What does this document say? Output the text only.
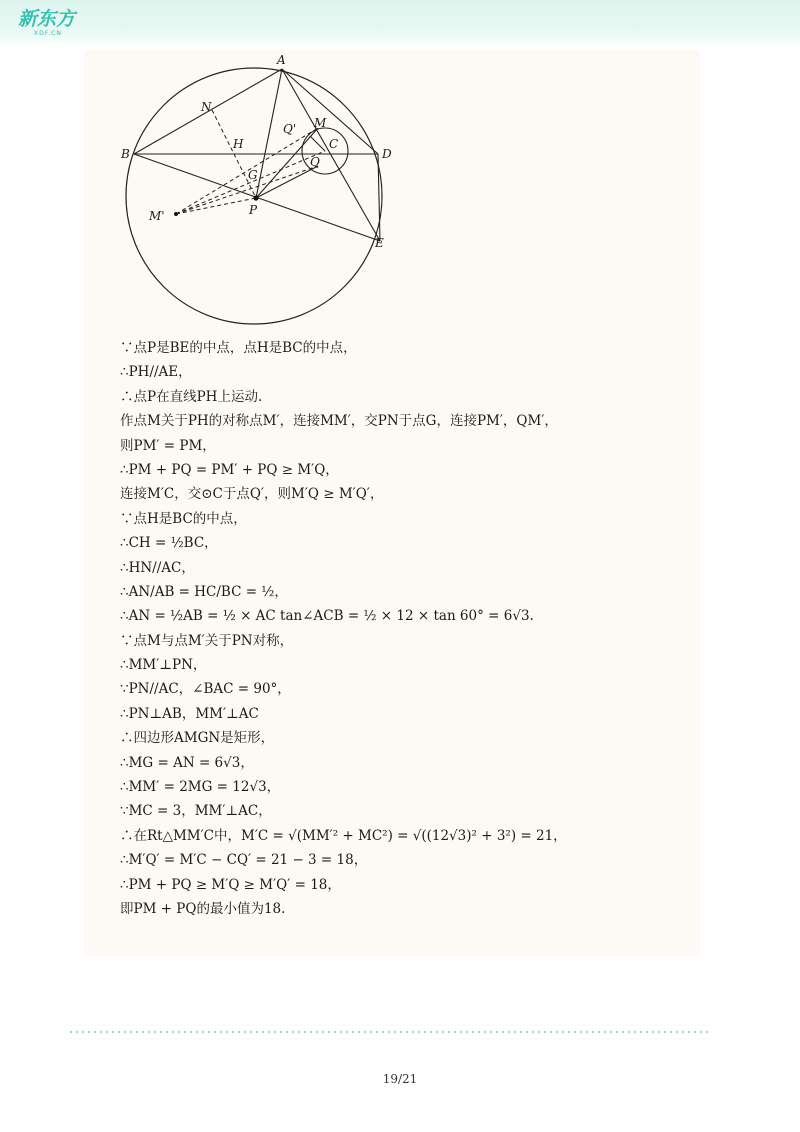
新东方
XDF.CN
A
B
C
D
E
N
H
G
M
Q'
Q
P
M'
∵点P是BE的中点，点H是BC的中点，
∴PH//AE，
∴点P在直线PH上运动.
作点M关于PH的对称点M′，连接MM′，交PN于点G，连接PM′，QM′，
则PM′ = PM，
∴PM + PQ = PM′ + PQ ≥ M′Q，
连接M′C，交⊙C于点Q′，则M′Q ≥ M′Q′，
∵点H是BC的中点，
∴CH = ½BC，
∴HN//AC，
∴AN/AB = HC/BC = ½，
∴AN = ½AB = ½ × AC tan∠ACB = ½ × 12 × tan 60° = 6√3.
∵点M与点M′关于PN对称，
∴MM′⊥PN，
∵PN//AC，∠BAC = 90°，
∴PN⊥AB，MM′⊥AC
∴四边形AMGN是矩形，
∴MG = AN = 6√3，
∴MM′ = 2MG = 12√3，
∵MC = 3，MM′⊥AC，
∴在Rt△MM′C中，M′C = √(MM′² + MC²) = √((12√3)² + 3²) = 21，
∴M′Q′ = M′C − CQ′ = 21 − 3 = 18，
∴PM + PQ ≥ M′Q ≥ M′Q′ = 18，
即PM + PQ的最小值为18.
19/21
